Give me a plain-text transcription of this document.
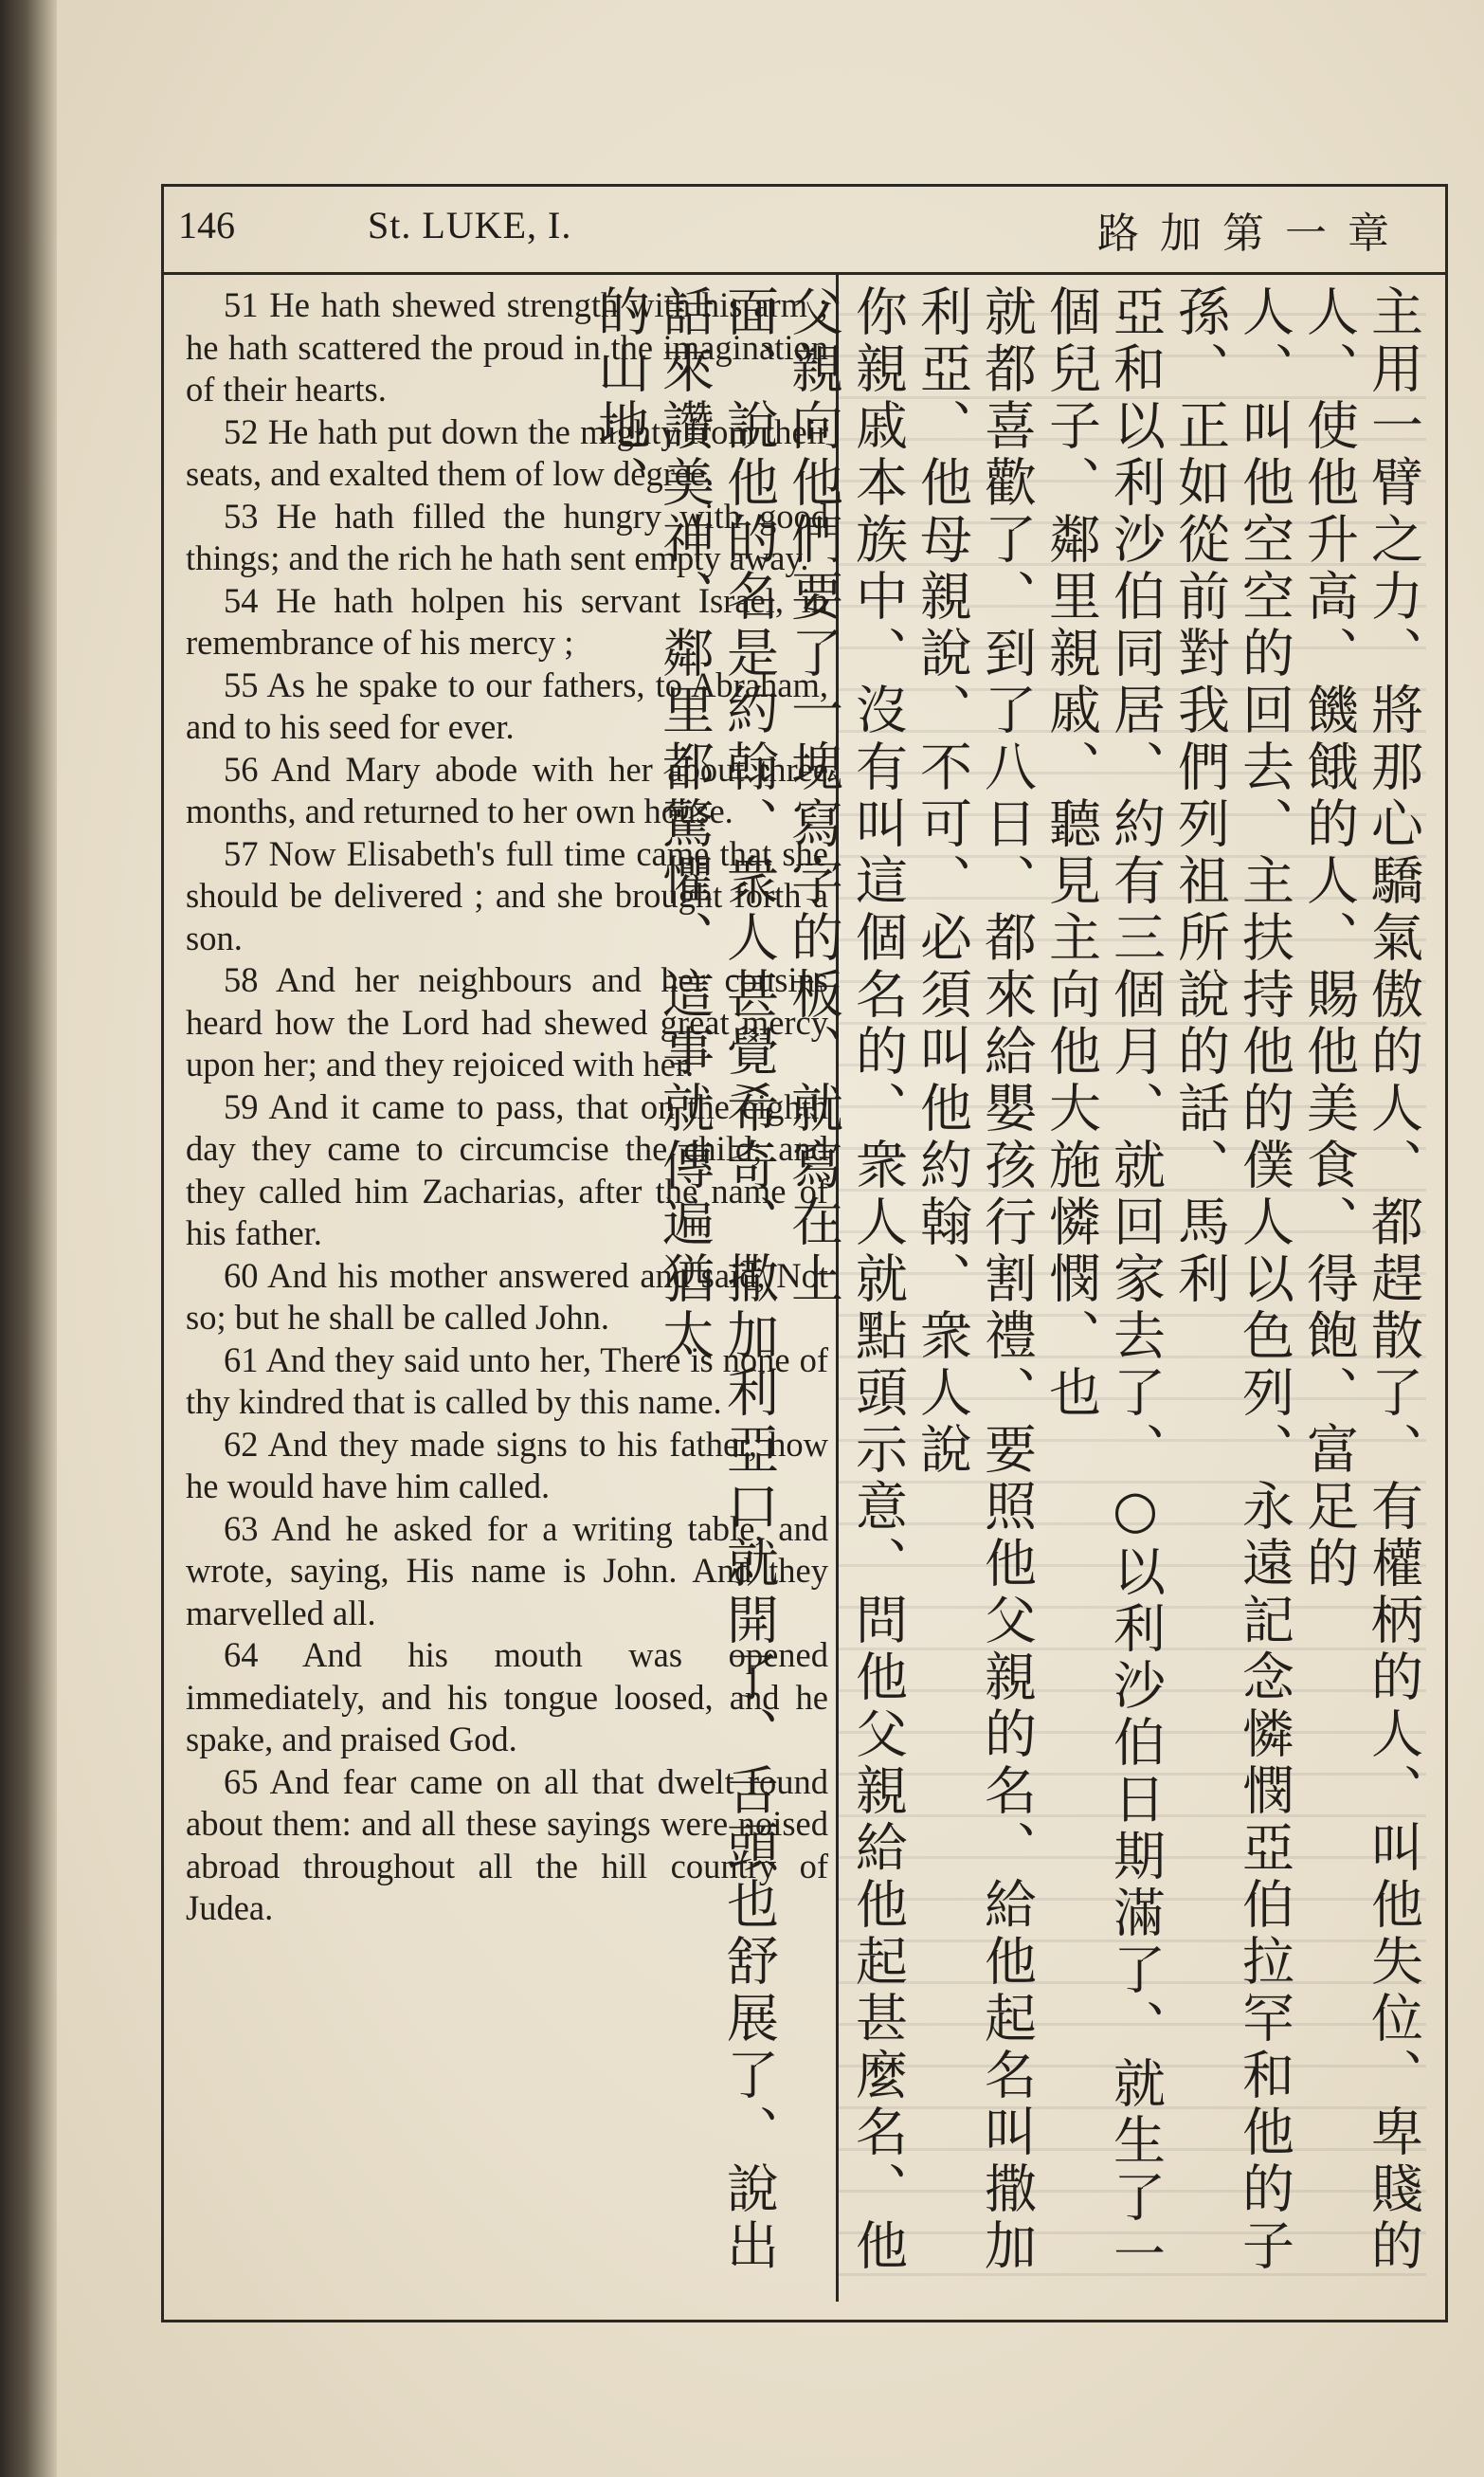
146	St. LUKE, I.	路加第一章

51 He hath shewed strength with his arm ; he hath scattered the proud in the imagination of their hearts.

52 He hath put down the mighty from their seats, and exalted them of low degree.

53 He hath filled the hungry with good things; and the rich he hath sent empty away.

54 He hath holpen his servant Israel, in remembrance of his mercy ;

55 As he spake to our fathers, to Abraham, and to his seed for ever.

56 And Mary abode with her about three months, and returned to her own house.

57 Now Elisabeth's full time came that she should be delivered ; and she brought forth a son.

58 And her neighbours and her cousins heard how the Lord had shewed great mercy upon her; and they rejoiced with her.

59 And it came to pass, that on the eighth day they came to circumcise the child; and they called him Zacharias, after the name of his father.

60 And his mother answered and said, Not so; but he shall be called John.

61 And they said unto her, There is none of thy kindred that is called by this name.

62 And they made signs to his father, how he would have him called.

63 And he asked for a writing table, and wrote, saying, His name is John. And they marvelled all.

64 And his mouth was opened immediately, and his tongue loosed, and he spake, and praised God.

65 And fear came on all that dwelt round about them: and all these sayings were noised abroad throughout all the hill country of Judea.	主用一臂之力、將那心驕氣傲的人、都趕散了、有權柄的人、叫他失位、卑賤的人、使他升高、饑餓的人、賜他美食、得飽、富足的
人、叫他空空的回去、主扶持他的僕人以色列、永遠記念憐憫亞伯拉罕和他的子孫、正如從前對我們列祖所說的話、馬利
亞和以利沙伯同居、約有三個月、就回家去了、○以利沙伯日期滿了、就生了一個兒子、鄰里親戚、聽見主向他大施憐憫、也
就都喜歡了、到了八日、都來給嬰孩行割禮、要照他父親的名、給他起名叫撒加利亞、他母親說、不可、必須叫他約翰、衆人說
你親戚本族中、沒有叫這個名的、衆人就點頭示意、問他父親給他起甚麼名、他父親向他們要了一塊寫字的板、就寫在上
面、說他的名是約翰、衆人甚覺希奇、撒加利亞口就開了、舌頭也舒展了、說出話來讚美神、鄰里都驚懼、這事就傳遍猶太
的山地、
